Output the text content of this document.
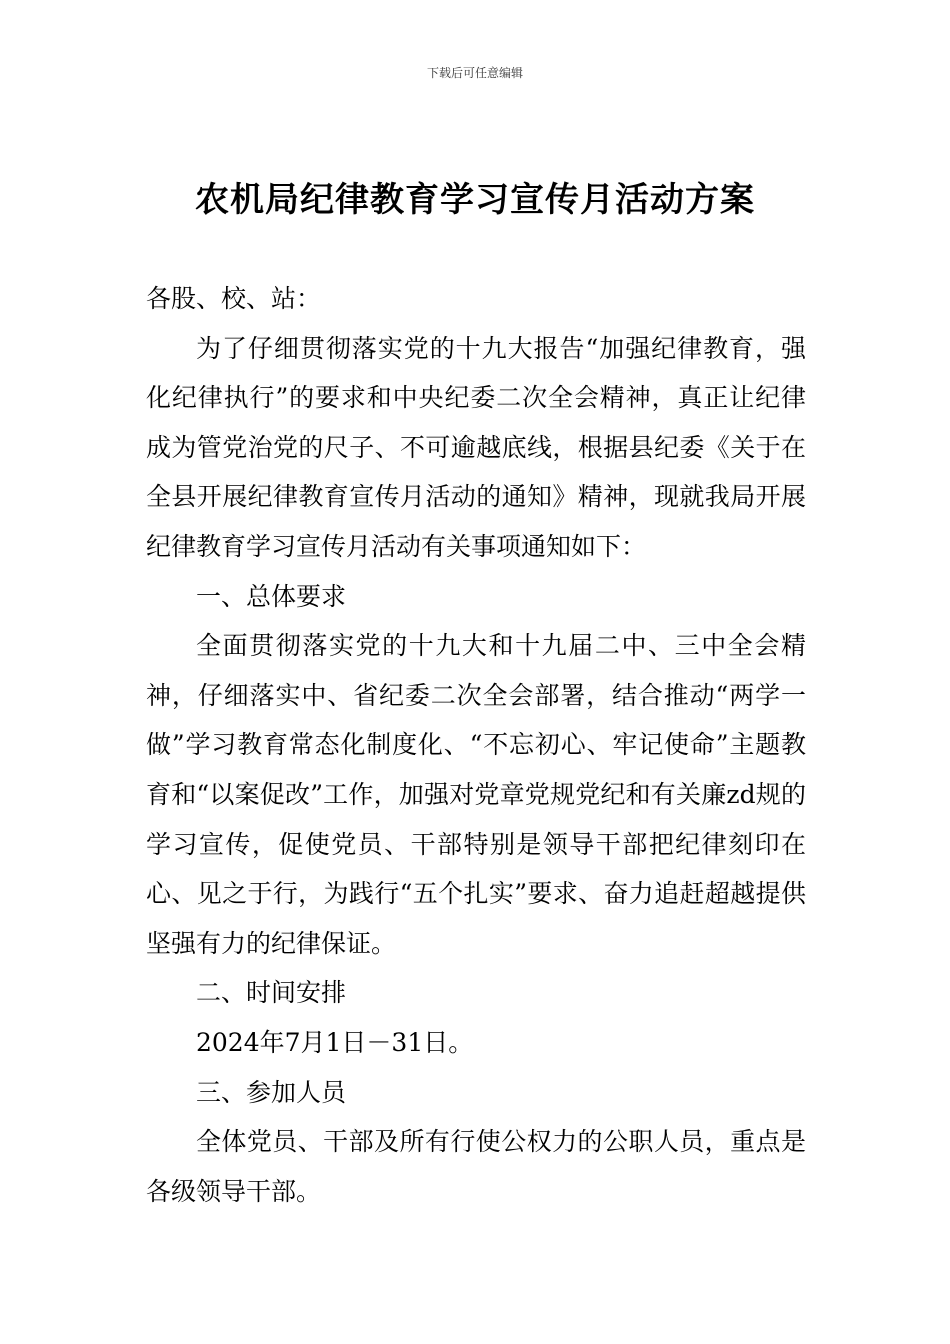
下载后可任意编辑
农机局纪律教育学习宣传月活动方案

各股、校、站：

为了仔细贯彻落实党的十九大报告“加强纪律教育，强化纪律执行”的要求和中央纪委二次全会精神，真正让纪律成为管党治党的尺子、不可逾越底线，根据县纪委《关于在全县开展纪律教育宣传月活动的通知》精神，现就我局开展纪律教育学习宣传月活动有关事项通知如下：

一、总体要求

全面贯彻落实党的十九大和十九届二中、三中全会精神，仔细落实中、省纪委二次全会部署，结合推动“两学一做”学习教育常态化制度化、“不忘初心、牢记使命”主题教育和“以案促改”工作，加强对党章党规党纪和有关廉zd规的学习宣传，促使党员、干部特别是领导干部把纪律刻印在心、见之于行，为践行“五个扎实”要求、奋力追赶超越提供坚强有力的纪律保证。

二、时间安排

2024年7月1日－31日。

三、参加人员

全体党员、干部及所有行使公权力的公职人员，重点是各级领导干部。
